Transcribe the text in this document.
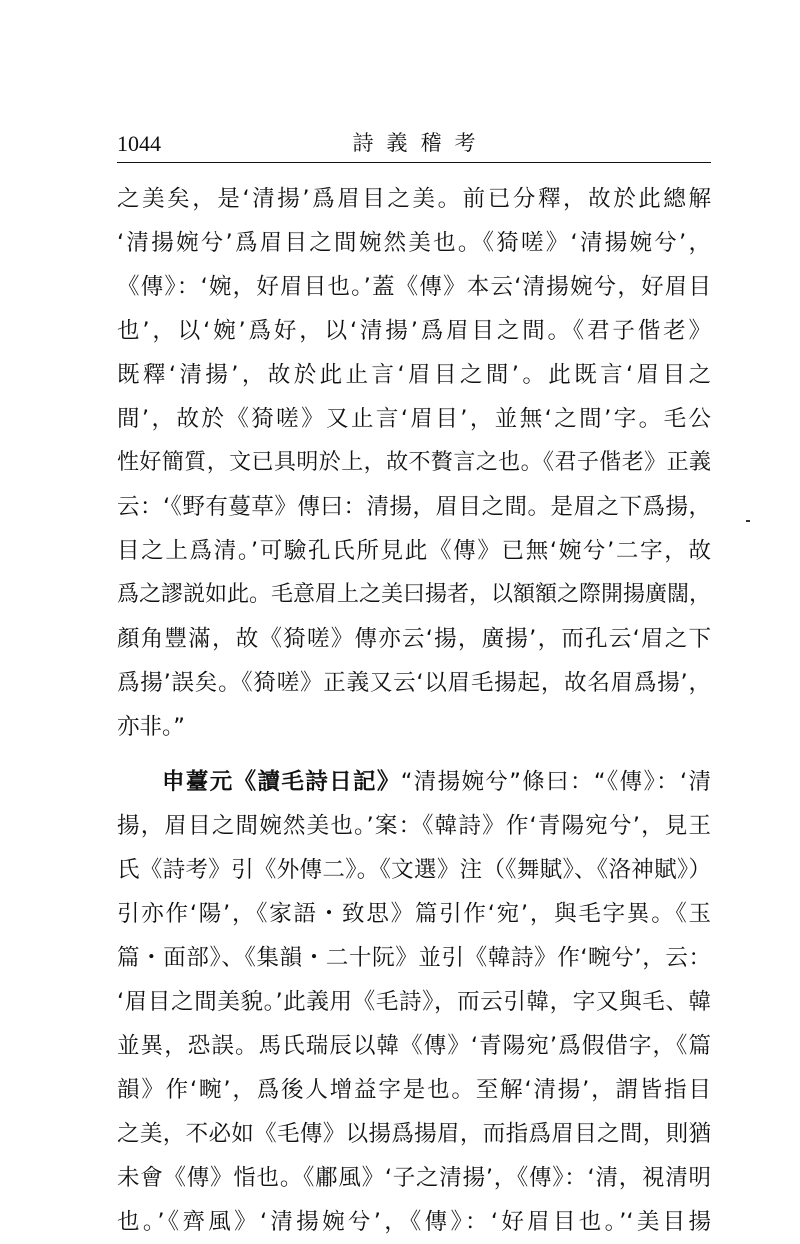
1044	詩義稽考
之美矣，是‘清揚’爲眉目之美。前已分釋，故於此總解
‘清揚婉兮’爲眉目之間婉然美也。《猗嗟》‘清揚婉兮’，
《傳》：‘婉，好眉目也。’蓋《傳》本云‘清揚婉兮，好眉目
也’，以‘婉’爲好，以‘清揚’爲眉目之間。《君子偕老》
既釋‘清揚’，故於此止言‘眉目之間’。此既言‘眉目之
間’，故於《猗嗟》又止言‘眉目’，並無‘之間’字。毛公
性好簡質，文已具明於上，故不贅言之也。《君子偕老》正義
云：‘《野有蔓草》傳曰：清揚，眉目之間。是眉之下爲揚，
目之上爲清。’可驗孔氏所見此《傳》已無‘婉兮’二字，故
爲之謬説如此。毛意眉上之美曰揚者，以額額之際開揚廣闊，
顏角豐滿，故《猗嗟》傳亦云‘揚，廣揚’，而孔云‘眉之下
爲揚’誤矣。《猗嗟》正義又云‘以眉毛揚起，故名眉爲揚’，
亦非。”
申薹元《讀毛詩日記》“清揚婉兮”條曰：“《傳》：‘清
揚，眉目之間婉然美也。’案：《韓詩》作‘青陽宛兮’，見王
氏《詩考》引《外傳二》。《文選》注（《舞賦》、《洛神賦》）
引亦作‘陽’，《家語・致思》篇引作‘宛’，與毛字異。《玉
篇・面部》、《集韻・二十阮》並引《韓詩》作‘畹兮’，云：
‘眉目之間美貌。’此義用《毛詩》，而云引韓，字又與毛、韓
並異，恐誤。馬氏瑞辰以韓《傳》‘青陽宛’爲假借字，《篇
韻》作‘畹’，爲後人增益字是也。至解‘清揚’，謂皆指目
之美，不必如《毛傳》以揚爲揚眉，而指爲眉目之間，則猶
未會《傳》恉也。《鄘風》‘子之清揚’，《傳》：‘清，視清明
也。’《齊風》‘清揚婉兮’，《傳》：‘好眉目也。’‘美目揚
